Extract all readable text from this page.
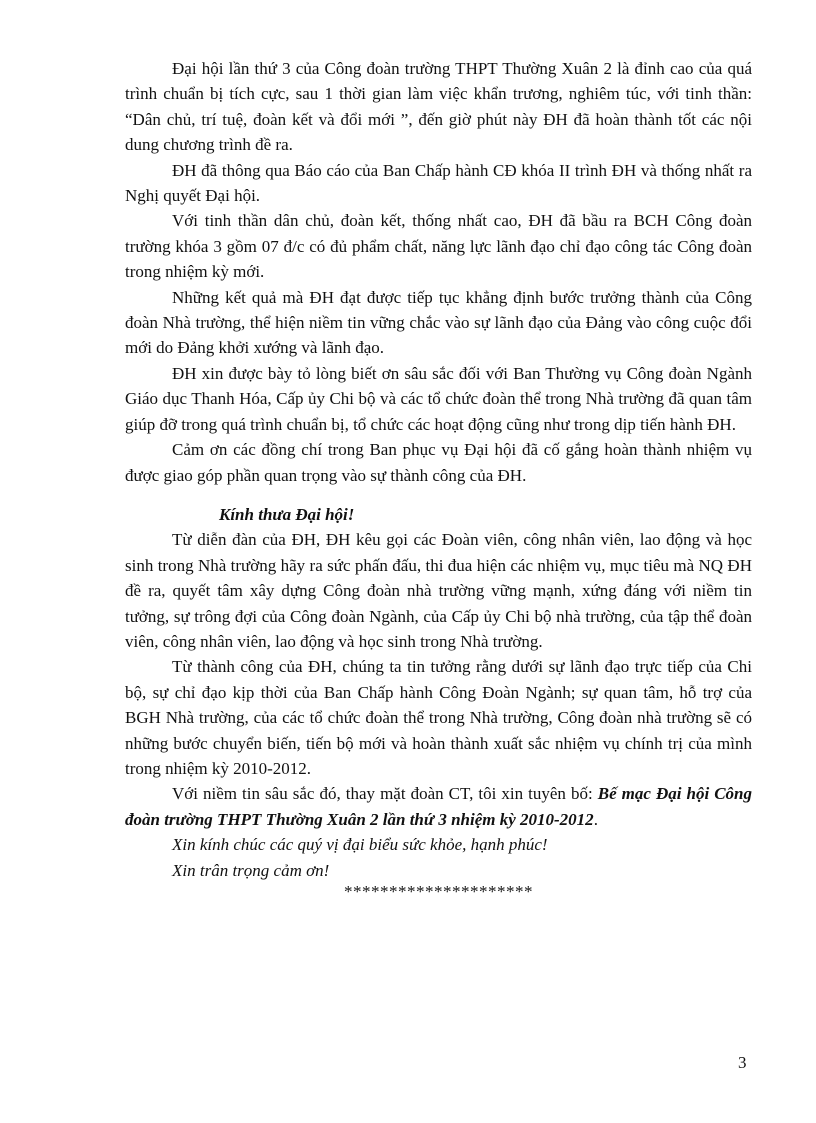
Đại hội lần thứ 3 của Công đoàn trường THPT Thường Xuân 2 là đỉnh cao của quá trình chuẩn bị tích cực, sau 1 thời gian làm việc khẩn trương, nghiêm túc, với tinh thần: “Dân chủ, trí tuệ, đoàn kết và đổi mới ”, đến giờ phút này ĐH đã hoàn thành tốt các nội dung chương trình đề ra.

ĐH đã thông qua Báo cáo của Ban Chấp hành CĐ khóa II trình ĐH và thống nhất ra Nghị quyết Đại hội.

Với tinh thần dân chủ, đoàn kết, thống nhất cao, ĐH đã bầu ra BCH Công đoàn trường khóa 3 gồm 07 đ/c có đủ phẩm chất, năng lực lãnh đạo chỉ đạo công tác Công đoàn trong nhiệm kỳ mới.

Những kết quả mà ĐH đạt được tiếp tục khẳng định bước trưởng thành của Công đoàn Nhà trường, thể hiện niềm tin vững chắc vào sự lãnh đạo của Đảng vào công cuộc đổi mới do Đảng khởi xướng và lãnh đạo.

ĐH xin được bày tỏ lòng biết ơn sâu sắc đối với Ban Thường vụ Công đoàn Ngành Giáo dục Thanh Hóa, Cấp ủy Chi bộ và các tổ chức đoàn thể trong Nhà trường đã quan tâm giúp đỡ trong quá trình chuẩn bị, tổ chức các hoạt động cũng như trong dịp tiến hành ĐH.

Cảm ơn các đồng chí trong Ban phục vụ Đại hội đã cố gắng hoàn thành nhiệm vụ được giao góp phần quan trọng vào sự thành công của ĐH.

Kính thưa Đại hội!

Từ diễn đàn của ĐH, ĐH kêu gọi các Đoàn viên, công nhân viên, lao động và học sinh trong Nhà trường hãy ra sức phấn đấu, thi đua hiện các nhiệm vụ, mục tiêu mà NQ ĐH đề ra, quyết tâm xây dựng Công đoàn nhà trường vững mạnh, xứng đáng với niềm tin tưởng, sự trông đợi của Công đoàn Ngành, của Cấp ủy Chi bộ nhà trường, của tập thể đoàn viên, công nhân viên, lao động và học sinh trong Nhà trường.

Từ thành công của ĐH, chúng ta tin tưởng rằng dưới sự lãnh đạo trực tiếp của Chi bộ, sự chỉ đạo kịp thời của Ban Chấp hành Công Đoàn Ngành; sự quan tâm, hỗ trợ của BGH Nhà trường, của các tổ chức đoàn thể trong Nhà trường, Công đoàn nhà trường sẽ có những bước chuyển biến, tiến bộ mới và hoàn thành xuất sắc nhiệm vụ chính trị của mình trong nhiệm kỳ 2010-2012.

Với niềm tin sâu sắc đó, thay mặt đoàn CT, tôi xin tuyên bố: Bế mạc Đại hội Công đoàn trường THPT Thường Xuân 2 lần thứ 3 nhiệm kỳ 2010-2012.

Xin kính chúc các quý vị đại biểu sức khỏe, hạnh phúc!

Xin trân trọng cảm ơn!

*********************

3
